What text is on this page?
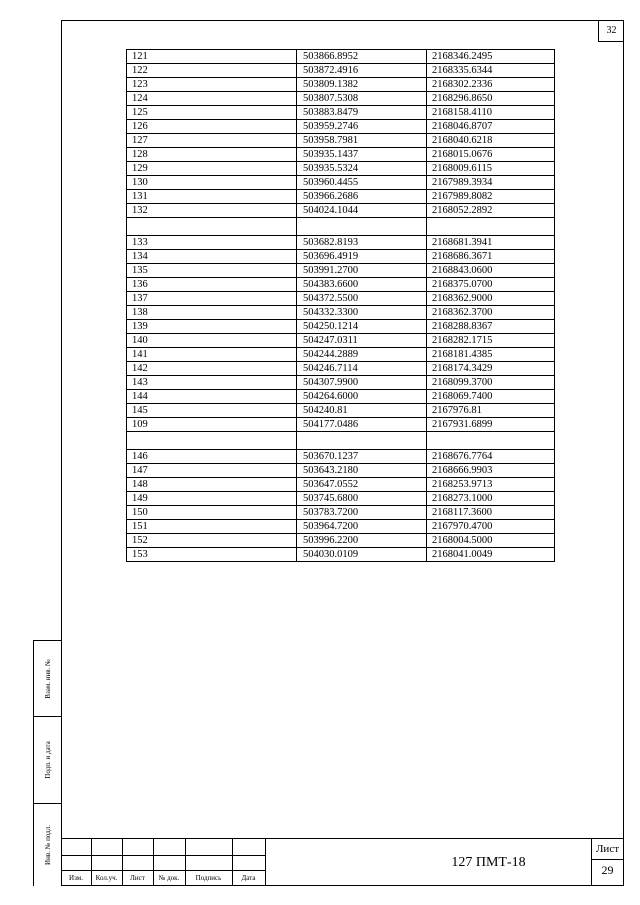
32
121	503866.8952	2168346.2495
122	503872.4916	2168335.6344
123	503809.1382	2168302.2336
124	503807.5308	2168296.8650
125	503883.8479	2168158.4110
126	503959.2746	2168046.8707
127	503958.7981	2168040.6218
128	503935.1437	2168015.0676
129	503935.5324	2168009.6115
130	503960.4455	2167989.3934
131	503966.2686	2167989.8082
132	504024.1044	2168052.2892

133	503682.8193	2168681.3941
134	503696.4919	2168686.3671
135	503991.2700	2168843.0600
136	504383.6600	2168375.0700
137	504372.5500	2168362.9000
138	504332.3300	2168362.3700
139	504250.1214	2168288.8367
140	504247.0311	2168282.1715
141	504244.2889	2168181.4385
142	504246.7114	2168174.3429
143	504307.9900	2168099.3700
144	504264.6000	2168069.7400
145	504240.81	2167976.81
109	504177.0486	2167931.6899

146	503670.1237	2168676.7764
147	503643.2180	2168666.9903
148	503647.0552	2168253.9713
149	503745.6800	2168273.1000
150	503783.7200	2168117.3600
151	503964.7200	2167970.4700
152	503996.2200	2168004.5000
153	504030.0109	2168041.0049
Взам. инв. №
Подп. и дата
Инв. № подл.
Изм.	Кол.уч.	Лист	№ док.	Подпись	Дата
127 ПМТ-18
Лист
29
